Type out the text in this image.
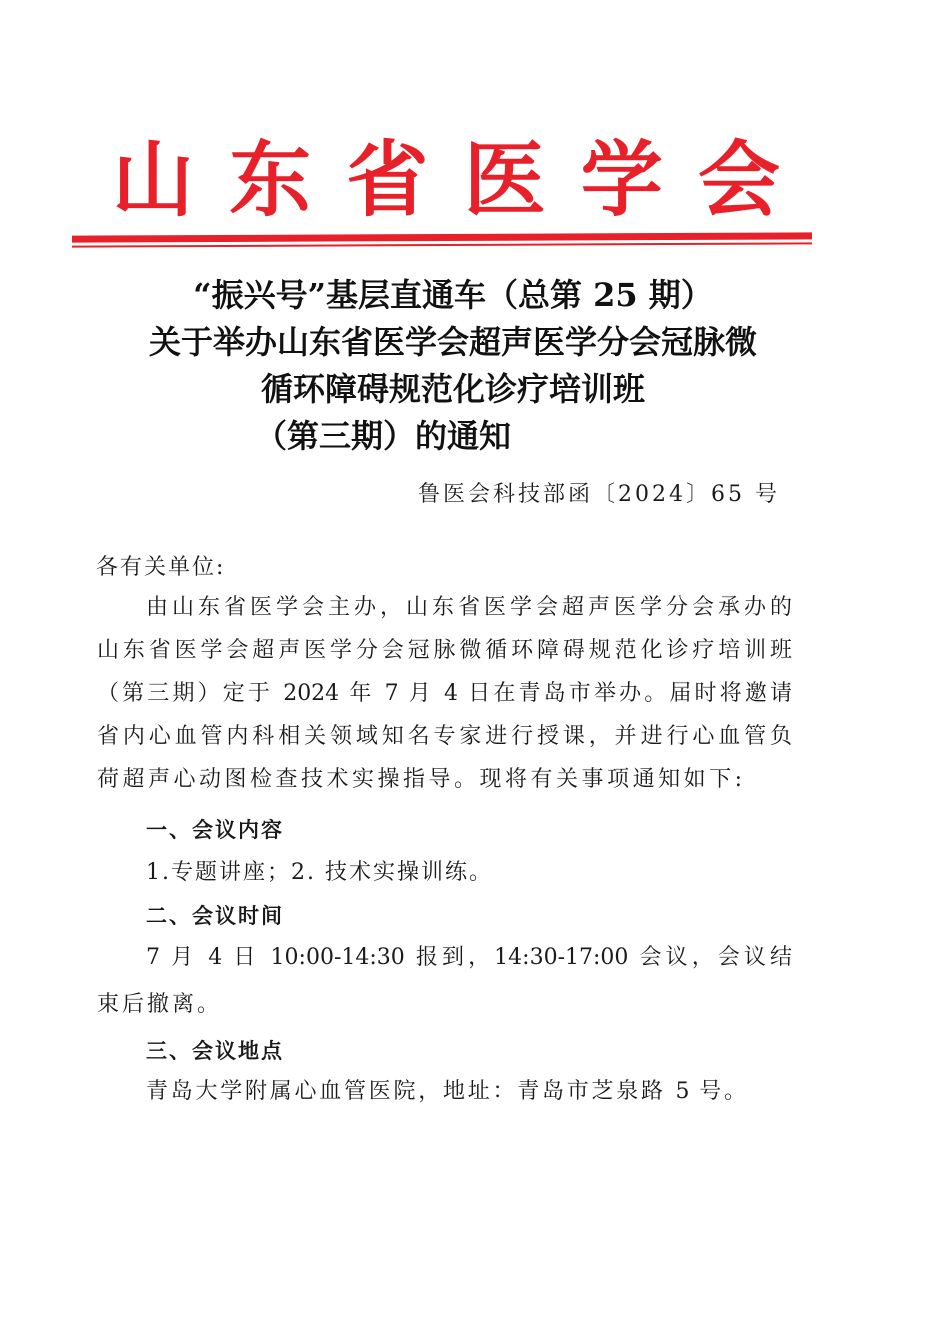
山东省医学会
“振兴号”基层直通车（总第 25 期）
关于举办山东省医学会超声医学分会冠脉微
循环障碍规范化诊疗培训班
（第三期）的通知
鲁医会科技部函〔2024〕65 号
各有关单位:
由山东省医学会主办，山东省医学会超声医学分会承办的
山东省医学会超声医学分会冠脉微循环障碍规范化诊疗培训班
（第三期）定于 2024 年 7 月 4 日在青岛市举办。届时将邀请
省内心血管内科相关领域知名专家进行授课，并进行心血管负
荷超声心动图检查技术实操指导。现将有关事项通知如下:
一、会议内容
1.专题讲座；2. 技术实操训练。
二、会议时间
7 月 4 日 10:00-14:30 报到，14:30-17:00 会议，会议结
束后撤离。
三、会议地点
青岛大学附属心血管医院，地址：青岛市芝泉路 5 号。
